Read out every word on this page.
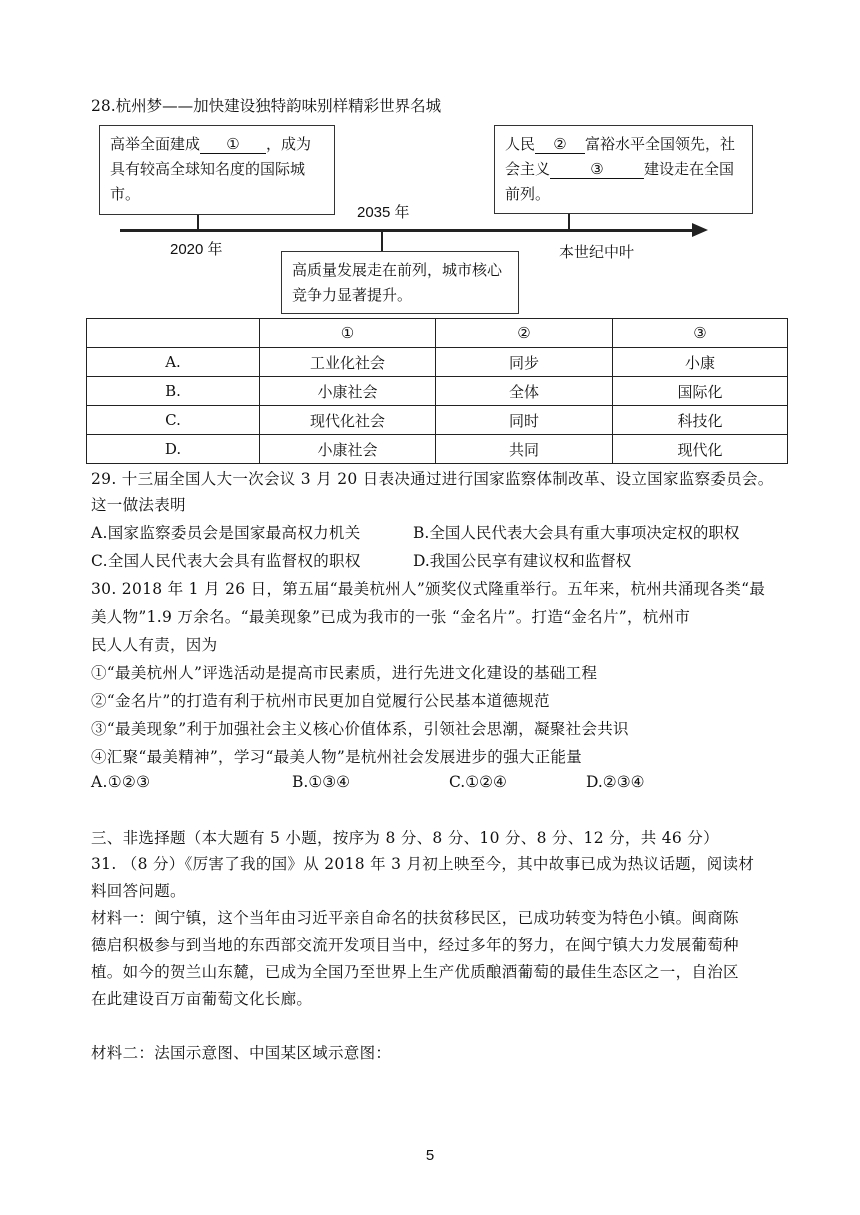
28.杭州梦——加快建设独特韵味别样精彩世界名城
高举全面建成 ① ，成为具有较高全球知名度的国际城市。
人民 ② 富裕水平全国领先，社会主义	③	建设走在全国前列。
2035 年
2020 年	本世纪中叶
高质量发展走在前列，城市核心竞争力显著提升。
	①	②	③
A.	工业化社会	同步	小康
B.	小康社会	全体	国际化
C.	现代化社会	同时	科技化
D.	小康社会	共同	现代化
29. 十三届全国人大一次会议 3 月 20 日表决通过进行国家监察体制改革、设立国家监察委员会。
这一做法表明
A.国家监察委员会是国家最高权力机关	B.全国人民代表大会具有重大事项决定权的职权
C.全国人民代表大会具有监督权的职权	D.我国公民享有建议权和监督权
30. 2018 年 1 月 26 日，第五届“最美杭州人”颁奖仪式隆重举行。五年来，杭州共涌现各类“最
美人物”1.9 万余名。“最美现象”已成为我市的一张 “金名片”。打造“金名片”，杭州市
民人人有责，因为
①“最美杭州人”评选活动是提高市民素质，进行先进文化建设的基础工程
②“金名片”的打造有利于杭州市民更加自觉履行公民基本道德规范
③“最美现象”利于加强社会主义核心价值体系，引领社会思潮，凝聚社会共识
④汇聚“最美精神”，学习“最美人物”是杭州社会发展进步的强大正能量
A.①②③	B.①③④	C.①②④	D.②③④
三、非选择题（本大题有 5 小题，按序为 8 分、8 分、10 分、8 分、12 分，共 46 分）
31. （8 分）《厉害了我的国》从 2018 年 3 月初上映至今，其中故事已成为热议话题，阅读材
料回答问题。
材料一：闽宁镇，这个当年由习近平亲自命名的扶贫移民区，已成功转变为特色小镇。闽商陈
德启积极参与到当地的东西部交流开发项目当中，经过多年的努力，在闽宁镇大力发展葡萄种
植。如今的贺兰山东麓，已成为全国乃至世界上生产优质酿酒葡萄的最佳生态区之一，自治区
在此建设百万亩葡萄文化长廊。
材料二：法国示意图、中国某区域示意图：
5
